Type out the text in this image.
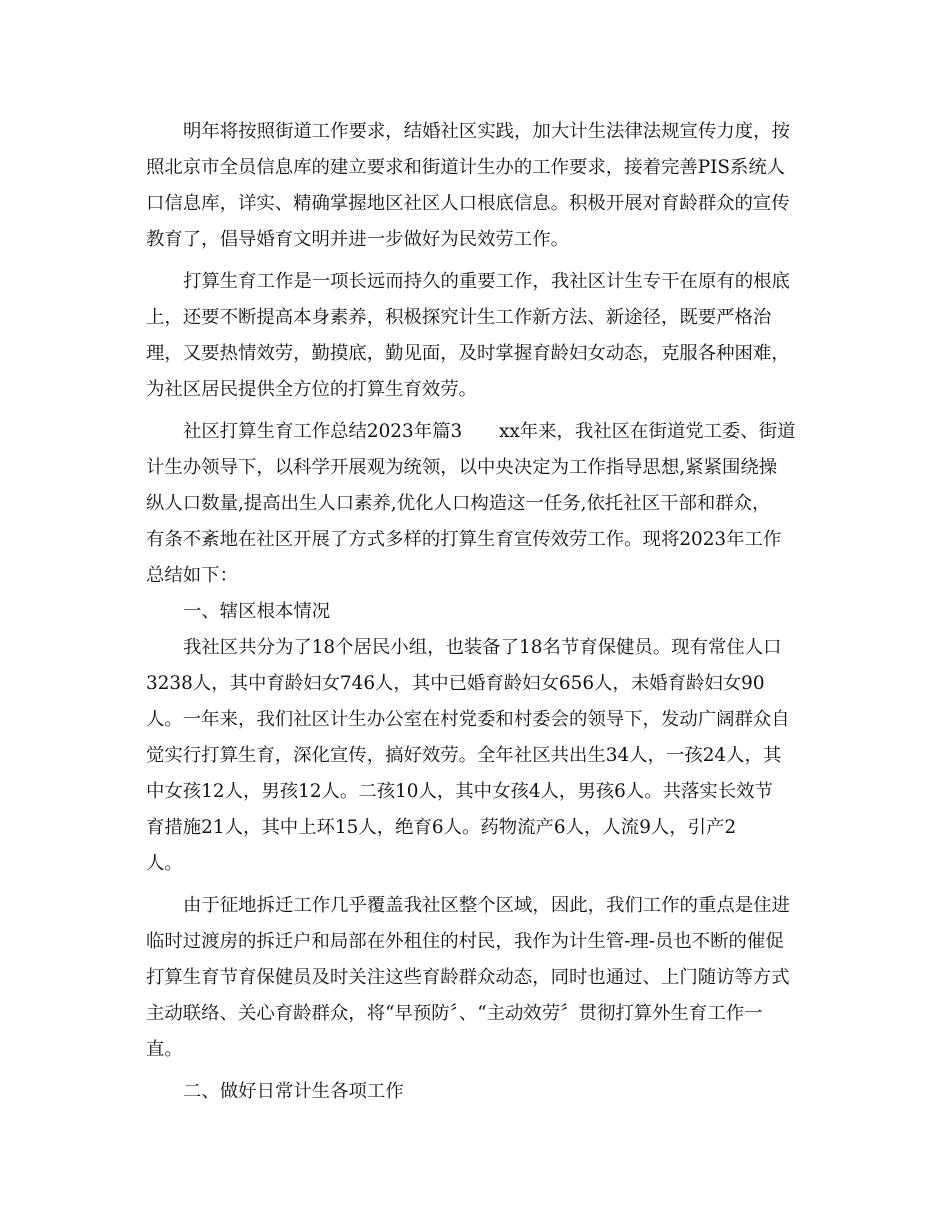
明年将按照街道工作要求，结婚社区实践，加大计生法律法规宣传力度，按
照北京市全员信息库的建立要求和街道计生办的工作要求，接着完善PIS系统人
口信息库，详实、精确掌握地区社区人口根底信息。积极开展对育龄群众的宣传
教育了，倡导婚育文明并进一步做好为民效劳工作。
打算生育工作是一项长远而持久的重要工作，我社区计生专干在原有的根底
上，还要不断提高本身素养，积极探究计生工作新方法、新途径，既要严格治
理，又要热情效劳，勤摸底，勤见面，及时掌握育龄妇女动态，克服各种困难，
为社区居民提供全方位的打算生育效劳。
社区打算生育工作总结2023年篇3　　xx年来，我社区在街道党工委、街道
计生办领导下，以科学开展观为统领，以中央决定为工作指导思想,紧紧围绕操
纵人口数量,提高出生人口素养,优化人口构造这一任务,依托社区干部和群众，
有条不紊地在社区开展了方式多样的打算生育宣传效劳工作。现将2023年工作
总结如下：
一、辖区根本情况
我社区共分为了18个居民小组，也装备了18名节育保健员。现有常住人口
3238人，其中育龄妇女746人，其中已婚育龄妇女656人，未婚育龄妇女90
人。一年来，我们社区计生办公室在村党委和村委会的领导下，发动广阔群众自
觉实行打算生育，深化宣传，搞好效劳。全年社区共出生34人，一孩24人，其
中女孩12人，男孩12人。二孩10人，其中女孩4人，男孩6人。共落实长效节
育措施21人，其中上环15人，绝育6人。药物流产6人，人流9人，引产2
人。
由于征地拆迁工作几乎覆盖我社区整个区域，因此，我们工作的重点是住进
临时过渡房的拆迁户和局部在外租住的村民，我作为计生管-理-员也不断的催促
打算生育节育保健员及时关注这些育龄群众动态，同时也通过、上门随访等方式
主动联络、关心育龄群众，将“早预防〞、“主动效劳〞贯彻打算外生育工作一
直。
二、做好日常计生各项工作
